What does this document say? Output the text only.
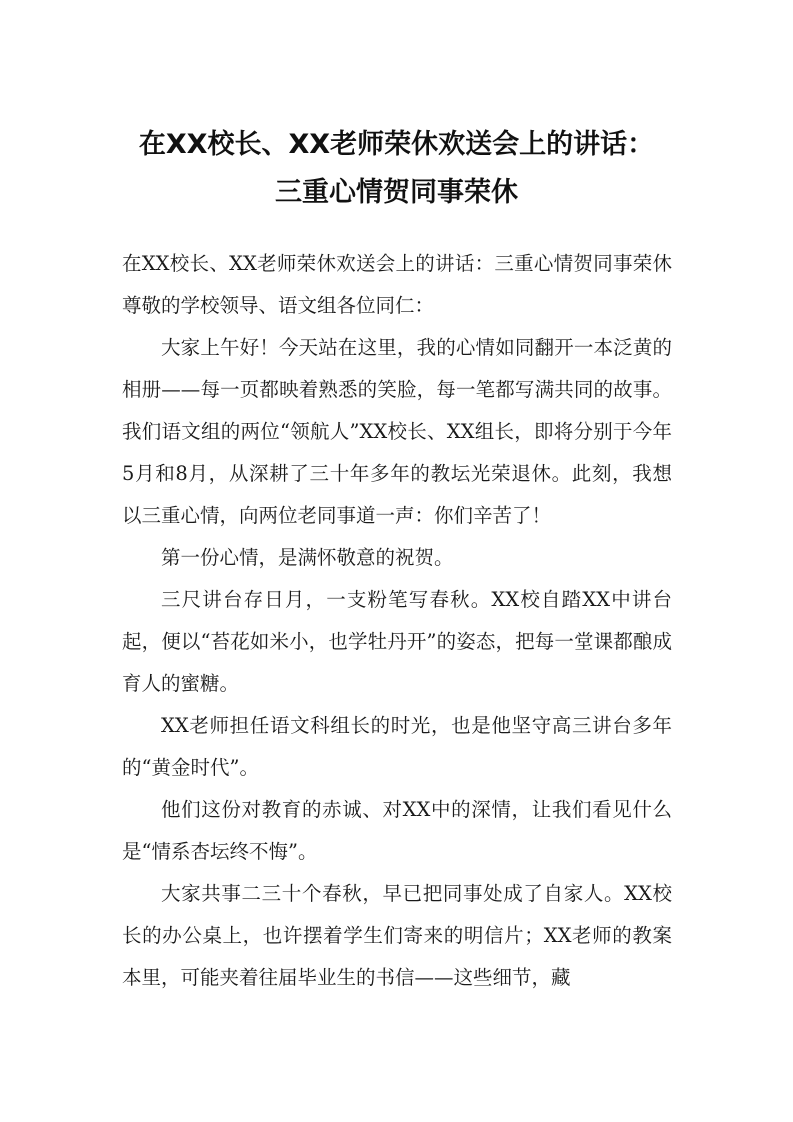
在XX校长、XX老师荣休欢送会上的讲话：
三重心情贺同事荣休

在XX校长、XX老师荣休欢送会上的讲话：三重心情贺同事荣休尊敬的学校领导、语文组各位同仁：

大家上午好！今天站在这里，我的心情如同翻开一本泛黄的相册——每一页都映着熟悉的笑脸，每一笔都写满共同的故事。我们语文组的两位“领航人”XX校长、XX组长，即将分别于今年5月和8月，从深耕了三十年多年的教坛光荣退休。此刻，我想以三重心情，向两位老同事道一声：你们辛苦了！

第一份心情，是满怀敬意的祝贺。

三尺讲台存日月，一支粉笔写春秋。XX校自踏XX中讲台起，便以“苔花如米小，也学牡丹开”的姿态，把每一堂课都酿成育人的蜜糖。

XX老师担任语文科组长的时光，也是他坚守高三讲台多年的“黄金时代”。

他们这份对教育的赤诚、对XX中的深情，让我们看见什么是“情系杏坛终不悔”。

大家共事二三十个春秋，早已把同事处成了自家人。XX校长的办公桌上，也许摆着学生们寄来的明信片；XX老师的教案本里，可能夹着往届毕业生的书信——这些细节，藏
